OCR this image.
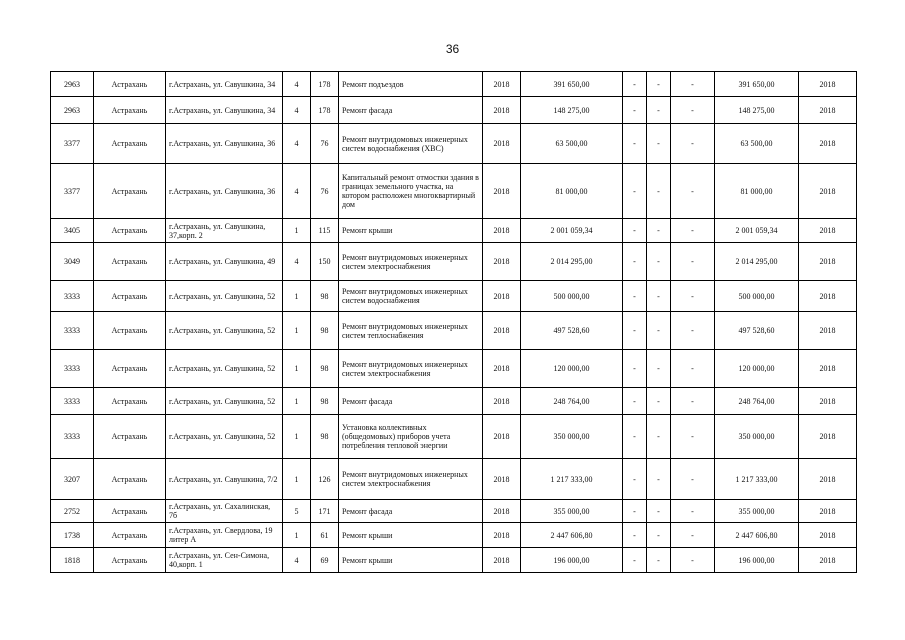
36
2963	Астрахань	г.Астрахань, ул. Савушкина, 34	4	178	Ремонт подъездов	2018	391 650,00	-	-	-	391 650,00	2018
2963	Астрахань	г.Астрахань, ул. Савушкина, 34	4	178	Ремонт фасада	2018	148 275,00	-	-	-	148 275,00	2018
3377	Астрахань	г.Астрахань, ул. Савушкина, 36	4	76	Ремонт внутридомовых инженерных систем водоснабжения (ХВС)	2018	63 500,00	-	-	-	63 500,00	2018
3377	Астрахань	г.Астрахань, ул. Савушкина, 36	4	76	Капитальный ремонт отмостки здания в границах земельного участка, на котором расположен многоквартирный дом	2018	81 000,00	-	-	-	81 000,00	2018
3405	Астрахань	г.Астрахань, ул. Савушкина, 37,корп. 2	1	115	Ремонт крыши	2018	2 001 059,34	-	-	-	2 001 059,34	2018
3049	Астрахань	г.Астрахань, ул. Савушкина, 49	4	150	Ремонт внутридомовых инженерных систем электроснабжения	2018	2 014 295,00	-	-	-	2 014 295,00	2018
3333	Астрахань	г.Астрахань, ул. Савушкина, 52	1	98	Ремонт внутридомовых инженерных систем водоснабжения	2018	500 000,00	-	-	-	500 000,00	2018
3333	Астрахань	г.Астрахань, ул. Савушкина, 52	1	98	Ремонт внутридомовых инженерных систем теплоснабжения	2018	497 528,60	-	-	-	497 528,60	2018
3333	Астрахань	г.Астрахань, ул. Савушкина, 52	1	98	Ремонт внутридомовых инженерных систем электроснабжения	2018	120 000,00	-	-	-	120 000,00	2018
3333	Астрахань	г.Астрахань, ул. Савушкина, 52	1	98	Ремонт фасада	2018	248 764,00	-	-	-	248 764,00	2018
3333	Астрахань	г.Астрахань, ул. Савушкина, 52	1	98	Установка коллективных (общедомовых) приборов учета потребления тепловой энергии	2018	350 000,00	-	-	-	350 000,00	2018
3207	Астрахань	г.Астрахань, ул. Савушкина, 7/2	1	126	Ремонт внутридомовых инженерных систем электроснабжения	2018	1 217 333,00	-	-	-	1 217 333,00	2018
2752	Астрахань	г.Астрахань, ул. Сахалинская, 7б	5	171	Ремонт фасада	2018	355 000,00	-	-	-	355 000,00	2018
1738	Астрахань	г.Астрахань, ул. Свердлова, 19 литер А	1	61	Ремонт крыши	2018	2 447 606,80	-	-	-	2 447 606,80	2018
1818	Астрахань	г.Астрахань, ул. Сен-Симона, 40,корп. 1	4	69	Ремонт крыши	2018	196 000,00	-	-	-	196 000,00	2018
